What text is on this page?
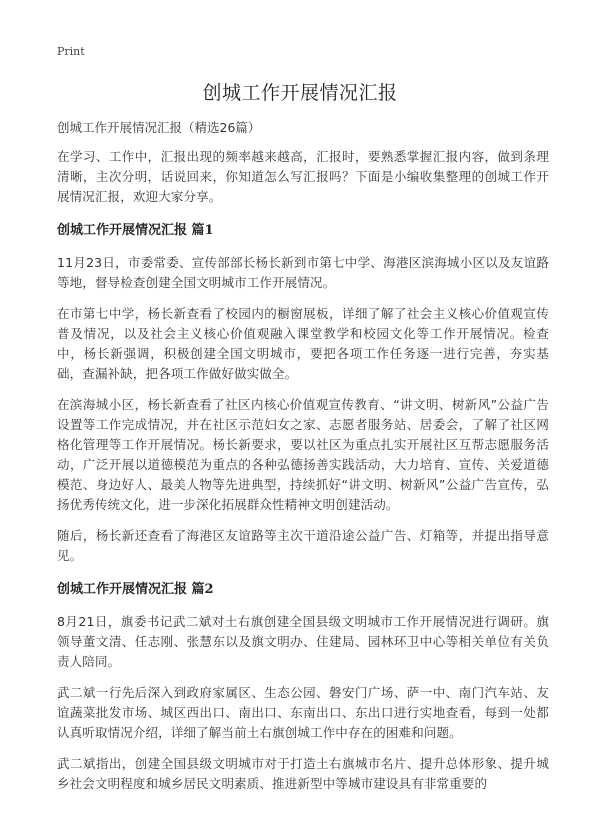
Print
创城工作开展情况汇报
创城工作开展情况汇报（精选26篇）

在学习、工作中，汇报出现的频率越来越高，汇报时，要熟悉掌握汇报内容，做到条理清晰，主次分明，话说回来，你知道怎么写汇报吗？下面是小编收集整理的创城工作开展情况汇报，欢迎大家分享。

创城工作开展情况汇报 篇1

11月23日，市委常委、宣传部部长杨长新到市第七中学、海港区滨海城小区以及友谊路等地，督导检查创建全国文明城市工作开展情况。

在市第七中学，杨长新查看了校园内的橱窗展板，详细了解了社会主义核心价值观宣传普及情况，以及社会主义核心价值观融入课堂教学和校园文化等工作开展情况。检查中，杨长新强调，积极创建全国文明城市，要把各项工作任务逐一进行完善，夯实基础，查漏补缺，把各项工作做好做实做全。

在滨海城小区，杨长新查看了社区内核心价值观宣传教育、“讲文明、树新风”公益广告设置等工作完成情况，并在社区示范妇女之家、志愿者服务站、居委会，了解了社区网格化管理等工作开展情况。杨长新要求，要以社区为重点扎实开展社区互帮志愿服务活动，广泛开展以道德模范为重点的各种弘德扬善实践活动，大力培育、宣传、关爱道德模范、身边好人、最美人物等先进典型，持续抓好“讲文明、树新风”公益广告宣传，弘扬优秀传统文化，进一步深化拓展群众性精神文明创建活动。

随后，杨长新还查看了海港区友谊路等主次干道沿途公益广告、灯箱等，并提出指导意见。

创城工作开展情况汇报 篇2

8月21日，旗委书记武二斌对土右旗创建全国县级文明城市工作开展情况进行调研。旗领导董文清、任志刚、张慧东以及旗文明办、住建局、园林环卫中心等相关单位有关负责人陪同。

武二斌一行先后深入到政府家属区、生态公园、磐安门广场、萨一中、南门汽车站、友谊蔬菜批发市场、城区西出口、南出口、东南出口、东出口进行实地查看，每到一处都认真听取情况介绍，详细了解当前土右旗创城工作中存在的困难和问题。

武二斌指出，创建全国县级文明城市对于打造土右旗城市名片、提升总体形象、提升城乡社会文明程度和城乡居民文明素质、推进新型中等城市建设具有非常重要的
